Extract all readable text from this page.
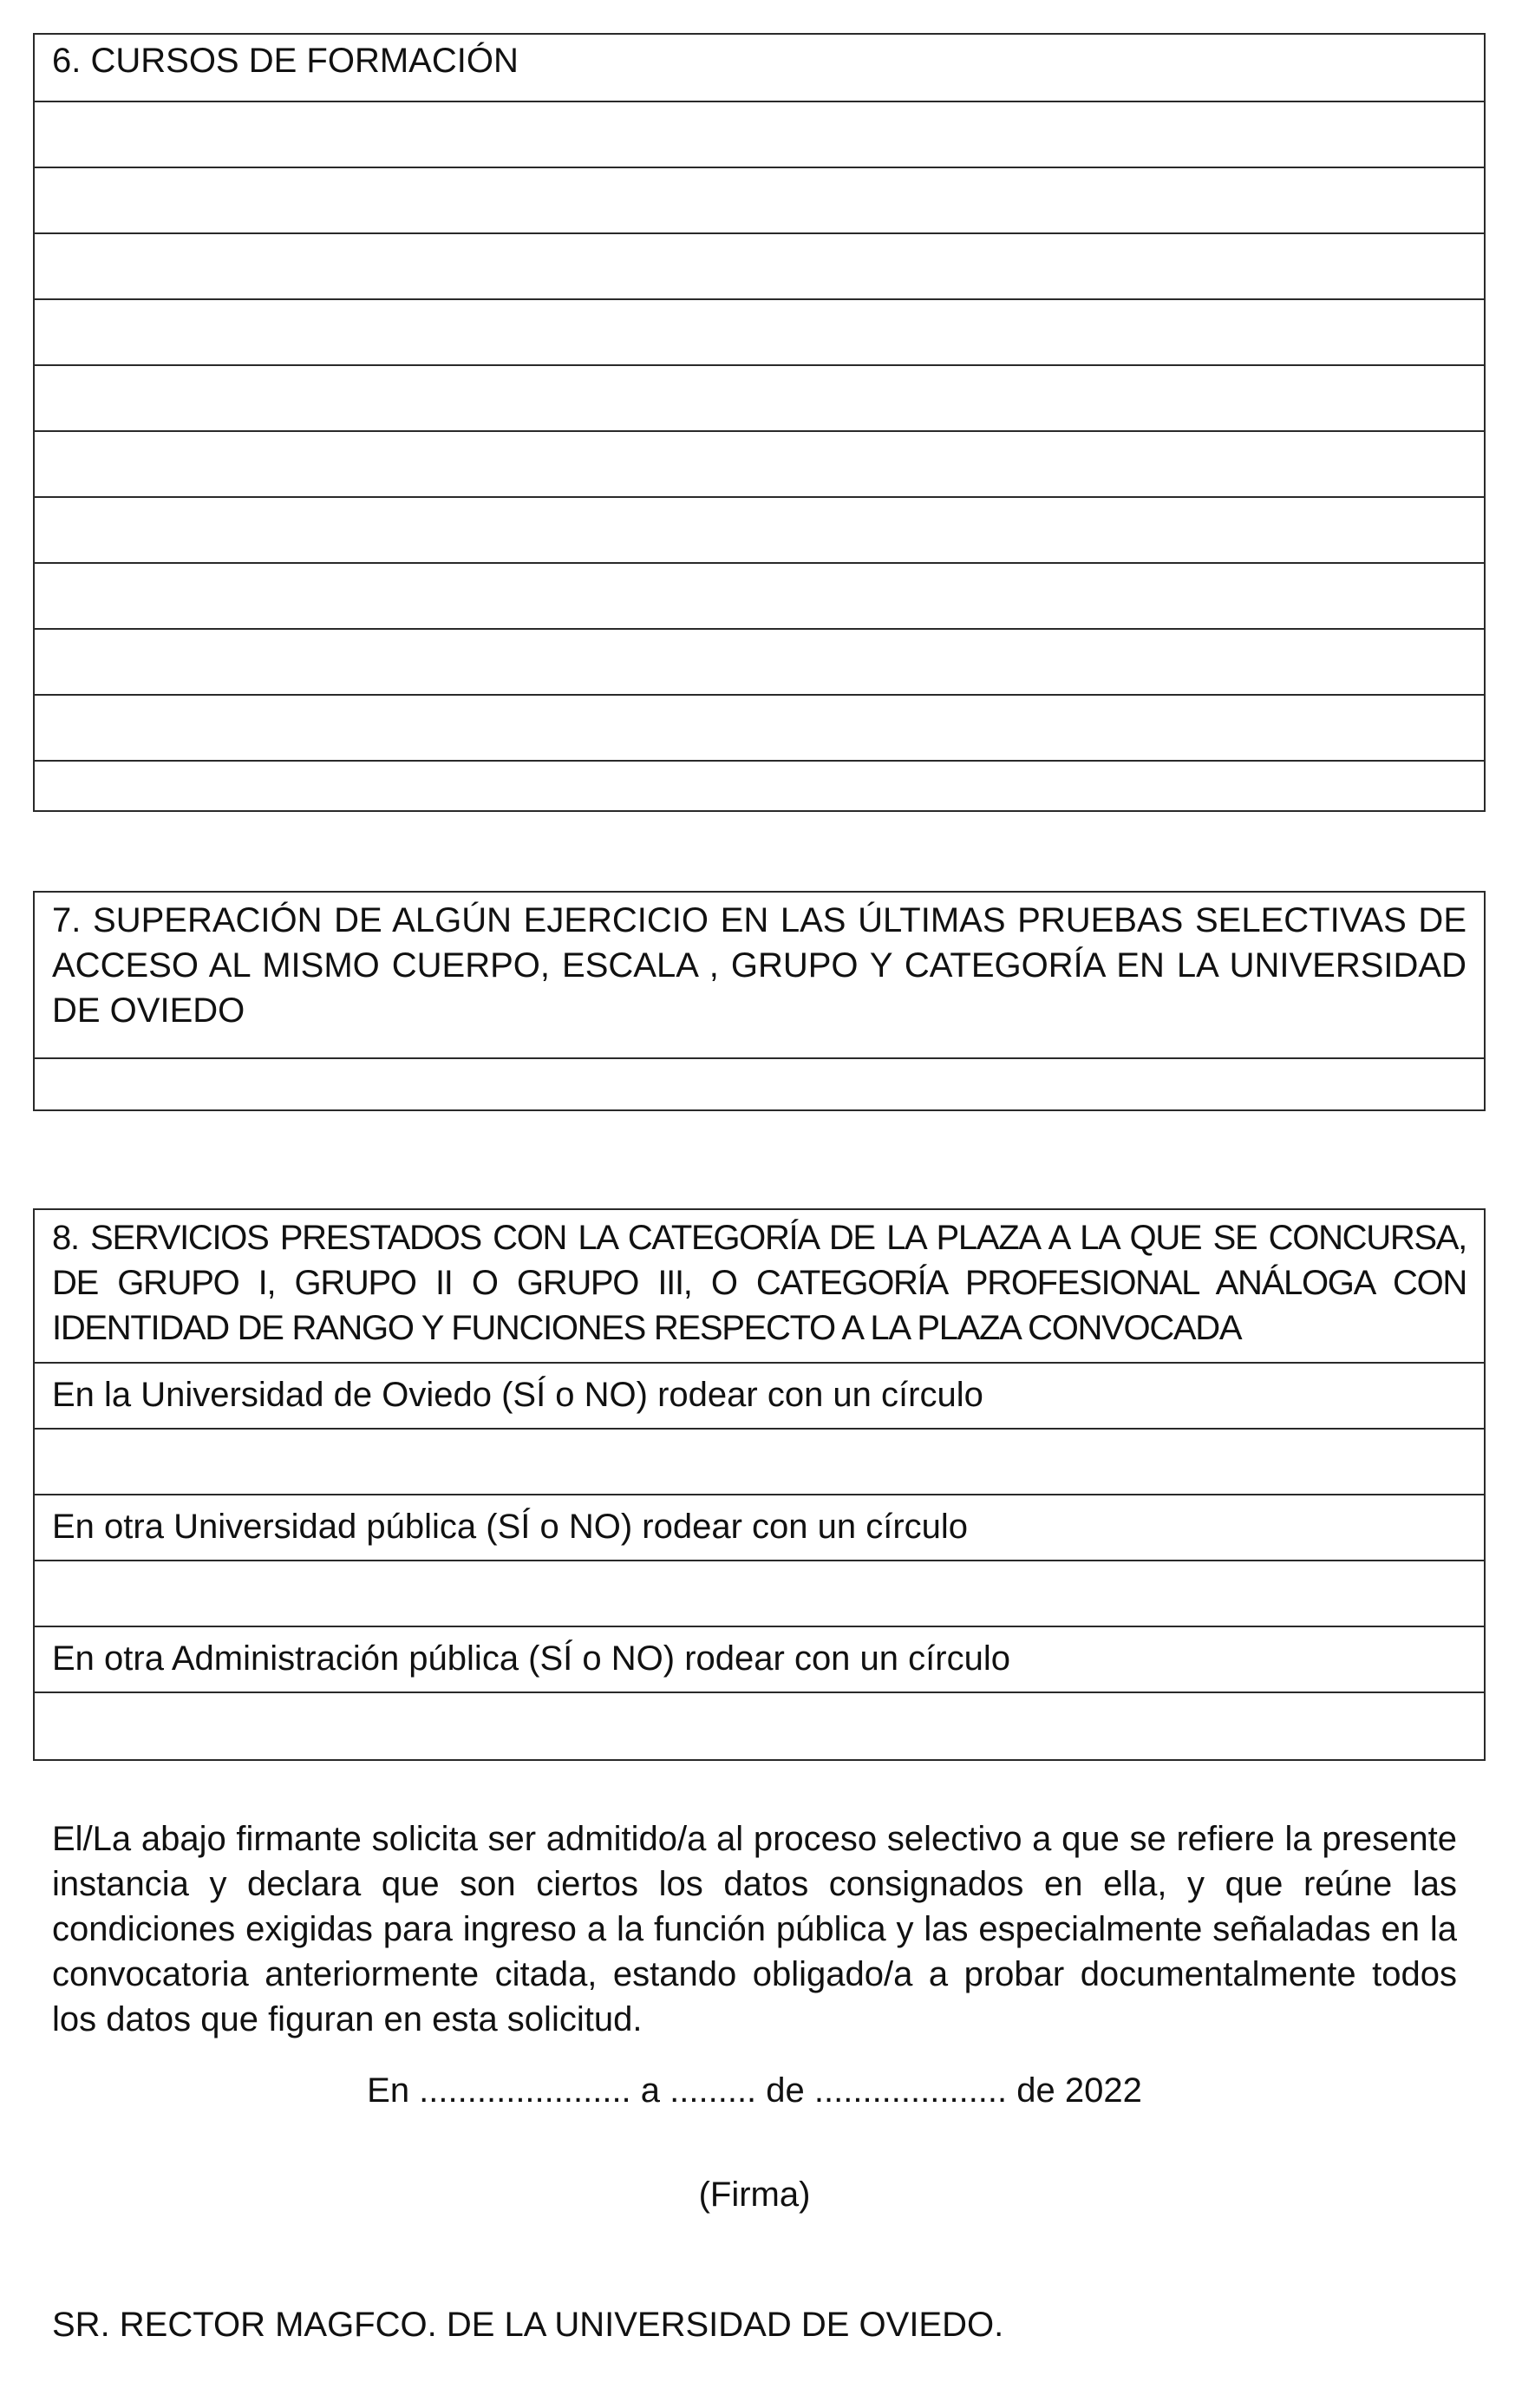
6. CURSOS DE FORMACIÓN
7. SUPERACIÓN DE ALGÚN EJERCICIO EN LAS ÚLTIMAS PRUEBAS SELECTIVAS DE ACCESO AL MISMO CUERPO, ESCALA , GRUPO Y CATEGORÍA EN LA UNIVERSIDAD DE OVIEDO
8. SERVICIOS PRESTADOS CON LA CATEGORÍA DE LA PLAZA A LA QUE SE CONCURSA, DE GRUPO I, GRUPO II O GRUPO III, O CATEGORÍA PROFESIONAL ANÁLOGA CON IDENTIDAD DE RANGO Y FUNCIONES RESPECTO A LA PLAZA CONVOCADA
En la Universidad de Oviedo (SÍ o NO) rodear con un círculo
En otra Universidad pública (SÍ o NO) rodear con un círculo
En otra Administración pública (SÍ o NO) rodear con un círculo
El/La abajo firmante solicita ser admitido/a al proceso selectivo a que se refiere la presente instancia y declara que son ciertos los datos consignados en ella, y que reúne las condiciones exigidas para ingreso a la función pública y las especialmente señaladas en la convocatoria anteriormente citada, estando obligado/a a probar documentalmente todos los datos que figuran en esta solicitud.
En ...................... a ......... de .................... de 2022
(Firma)
SR. RECTOR MAGFCO. DE LA UNIVERSIDAD DE OVIEDO.
